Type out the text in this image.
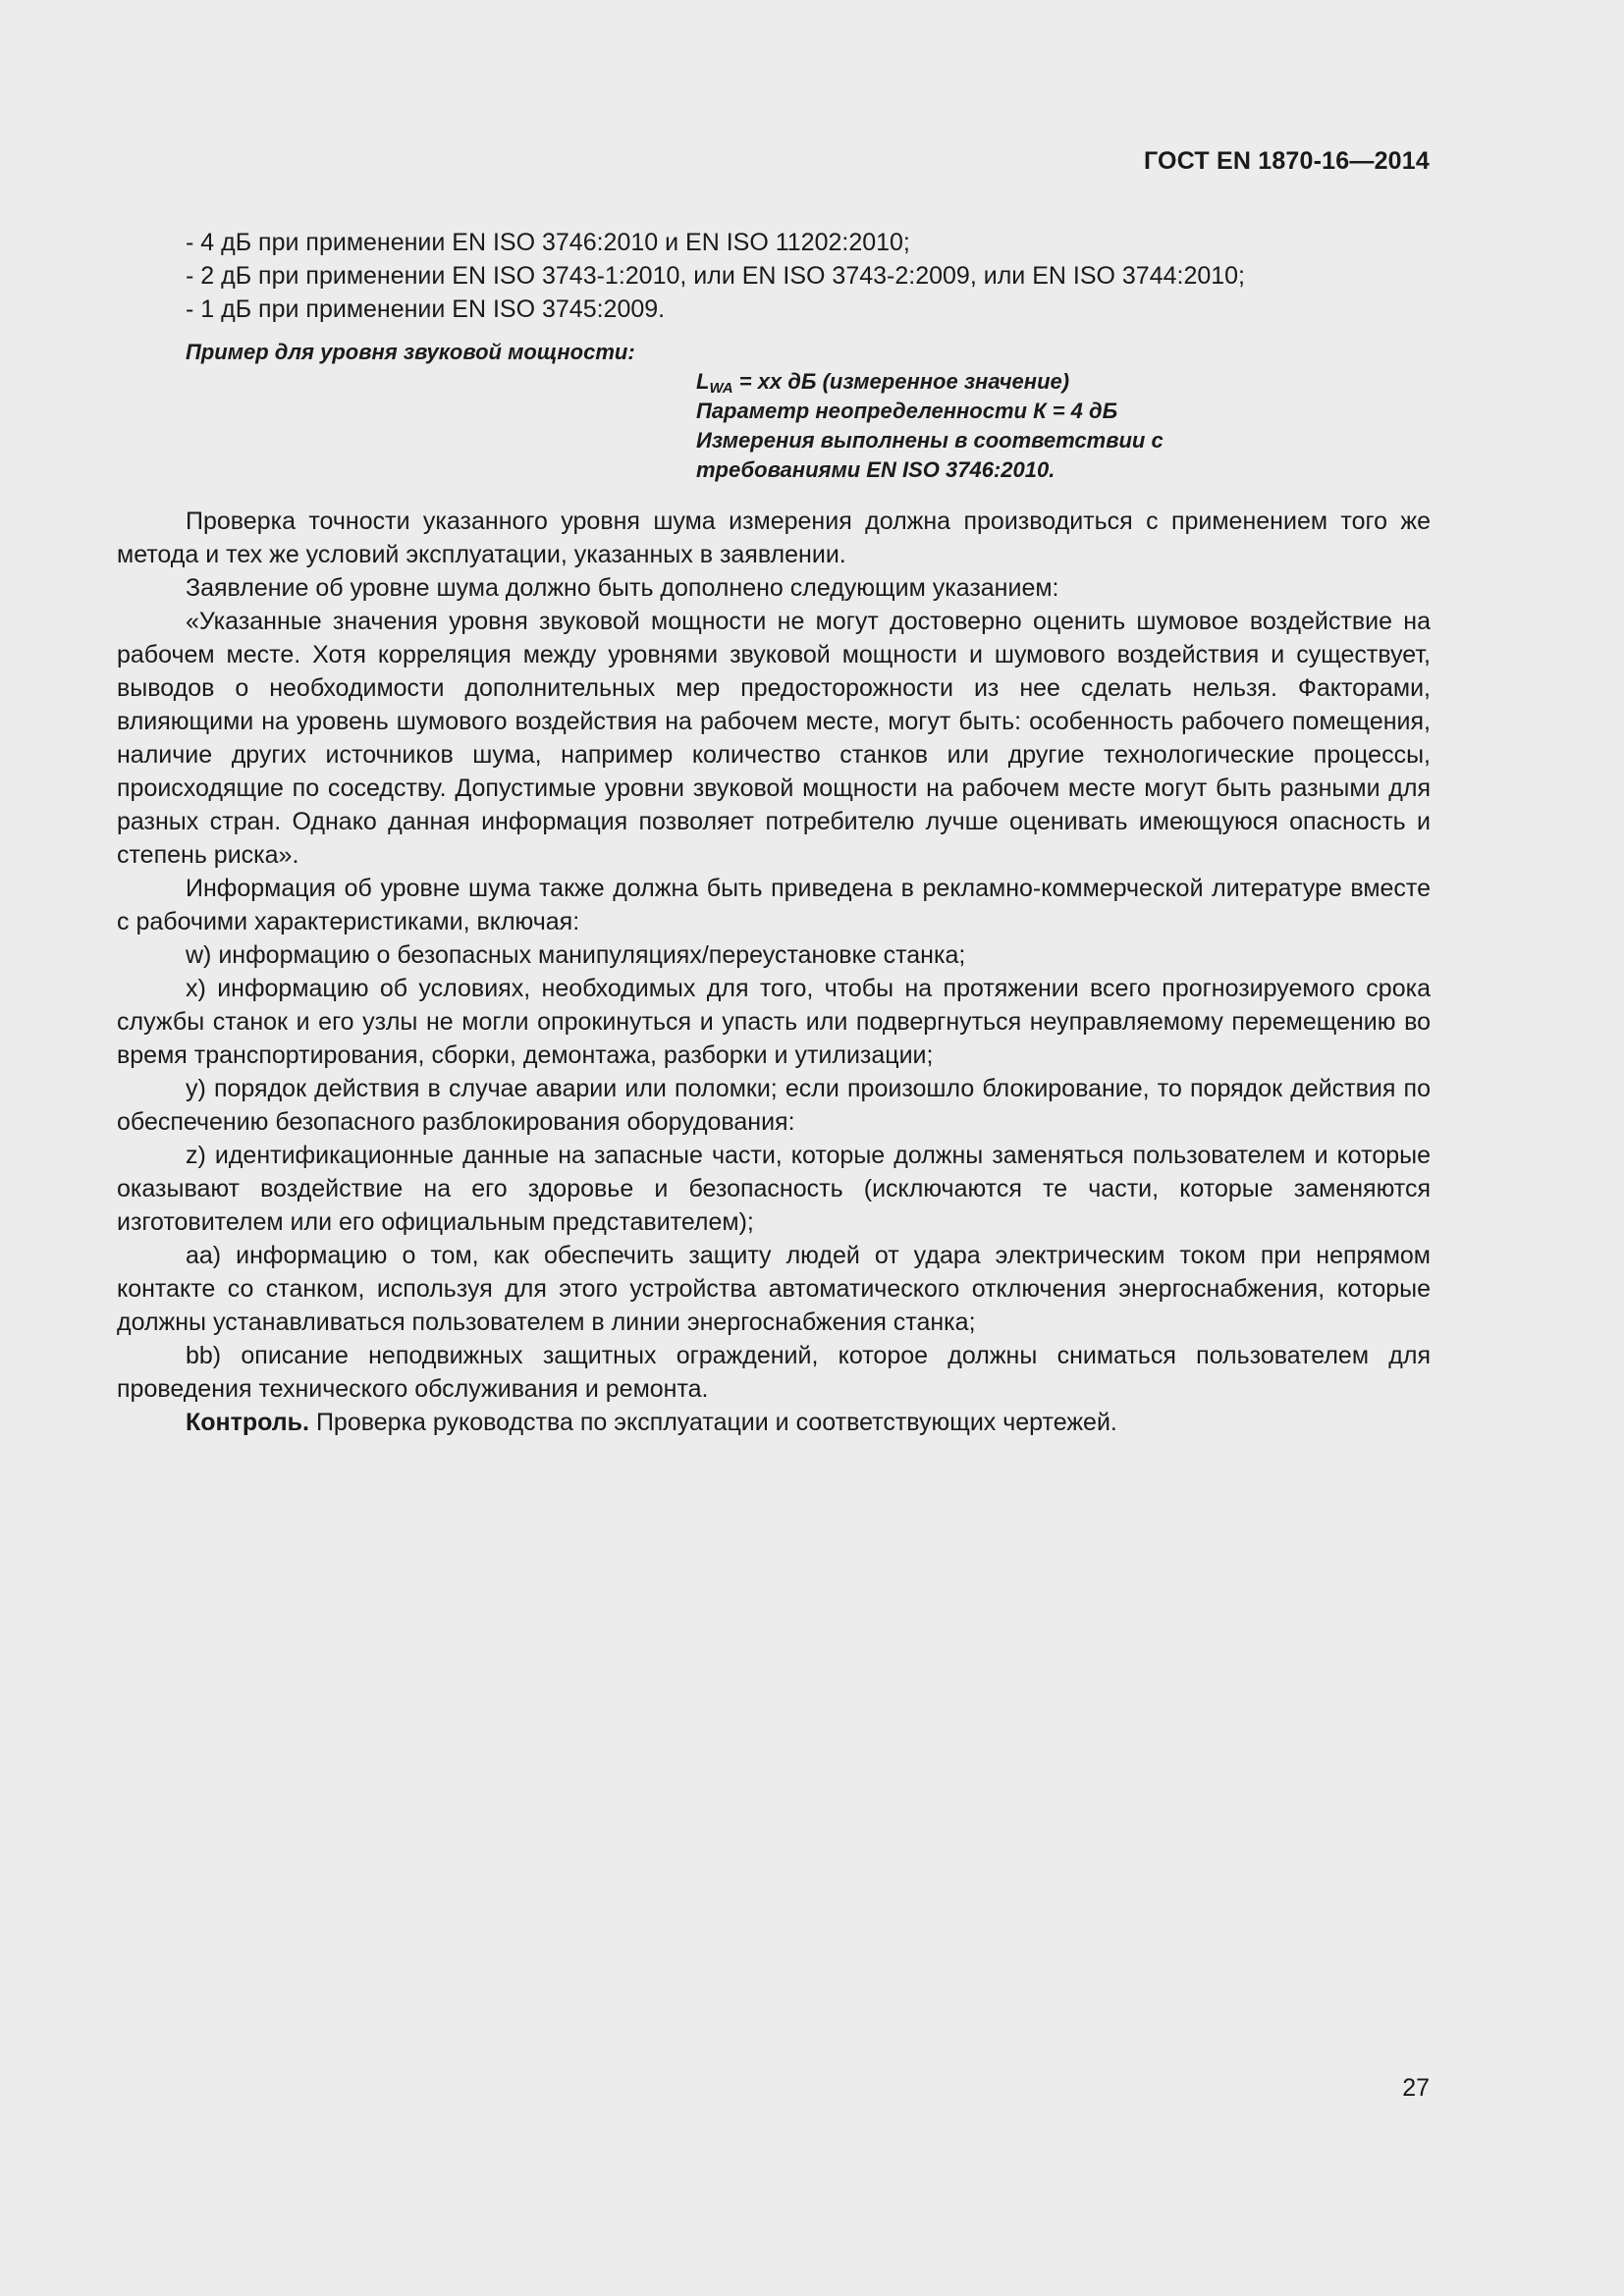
ГОСТ EN 1870-16—2014
- 4 дБ при применении EN ISO 3746:2010 и EN ISO 11202:2010;
- 2 дБ при применении EN ISO 3743-1:2010, или EN ISO 3743-2:2009, или EN ISO 3744:2010;
- 1 дБ при применении EN ISO 3745:2009.
Пример для уровня звуковой мощности:
$L_{WA}$ = хх дБ (измеренное значение)
Параметр неопределенности К = 4 дБ
Измерения выполнены в соответствии с
требованиями EN ISO 3746:2010.

Проверка точности указанного уровня шума измерения должна производиться с применением того же метода и тех же условий эксплуатации, указанных в заявлении.

Заявление об уровне шума должно быть дополнено следующим указанием:

«Указанные значения уровня звуковой мощности не могут достоверно оценить шумовое воздействие на рабочем месте. Хотя корреляция между уровнями звуковой мощности и шумового воздействия и существует, выводов о необходимости дополнительных мер предосторожности из нее сделать нельзя. Факторами, влияющими на уровень шумового воздействия на рабочем месте, могут быть: особенность рабочего помещения, наличие других источников шума, например количество станков или другие технологические процессы, происходящие по соседству. Допустимые уровни звуковой мощности на рабочем месте могут быть разными для разных стран. Однако данная информация позволяет потребителю лучше оценивать имеющуюся опасность и степень риска».

Информация об уровне шума также должна быть приведена в рекламно-коммерческой литературе вместе с рабочими характеристиками, включая:

w) информацию о безопасных манипуляциях/переустановке станка;

x) информацию об условиях, необходимых для того, чтобы на протяжении всего прогнозируемого срока службы станок и его узлы не могли опрокинуться и упасть или подвергнуться неуправляемому перемещению во время транспортирования, сборки, демонтажа, разборки и утилизации;

у) порядок действия в случае аварии или поломки; если произошло блокирование, то порядок действия по обеспечению безопасного разблокирования оборудования:

z) идентификационные данные на запасные части, которые должны заменяться пользователем и которые оказывают воздействие на его здоровье и безопасность (исключаются те части, которые заменяются изготовителем или его официальным представителем);

аа) информацию о том, как обеспечить защиту людей от удара электрическим током при непрямом контакте со станком, используя для этого устройства автоматического отключения энергоснабжения, которые должны устанавливаться пользователем в линии энергоснабжения станка;

bb) описание неподвижных защитных ограждений, которое должны сниматься пользователем для проведения технического обслуживания и ремонта.

Контроль. Проверка руководства по эксплуатации и соответствующих чертежей.

27
